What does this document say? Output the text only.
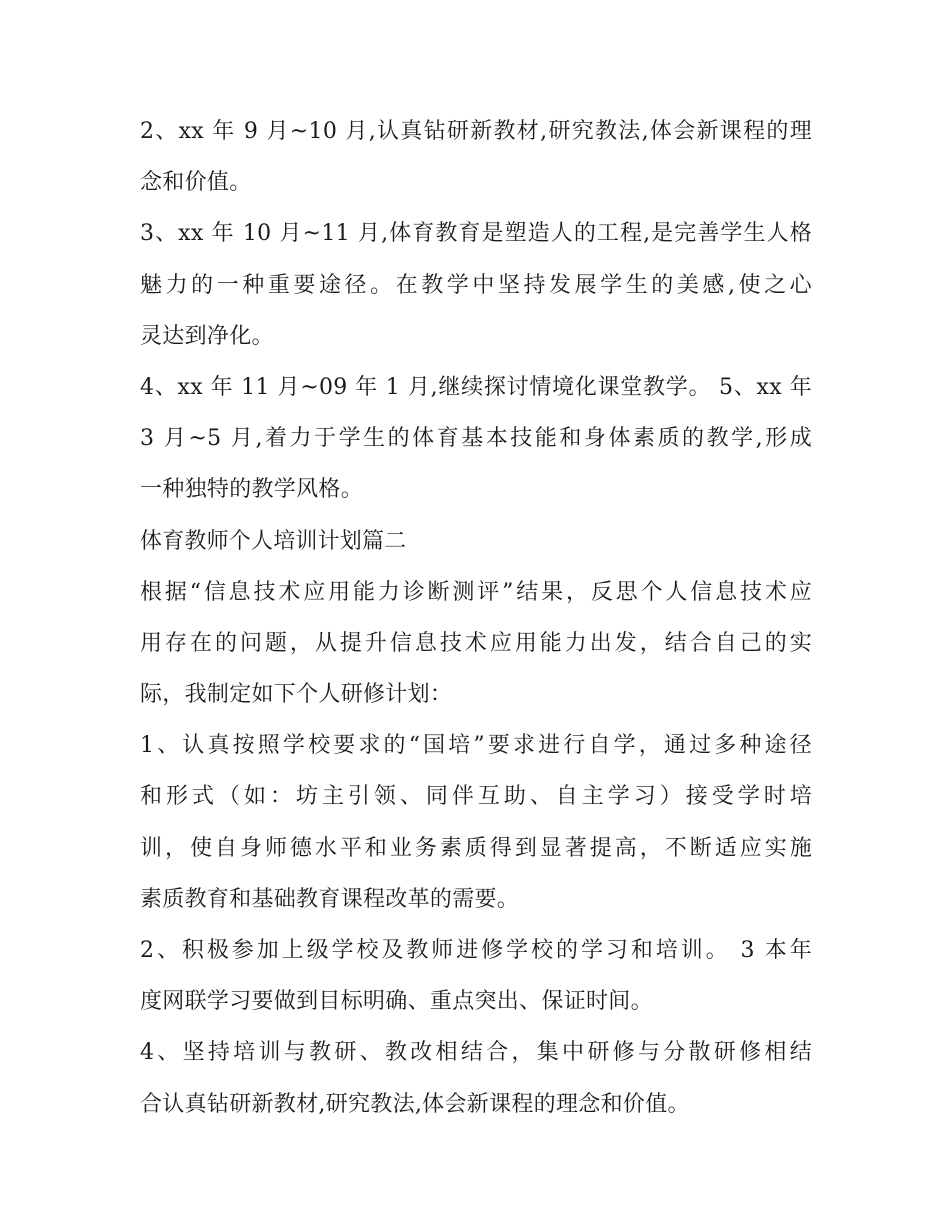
2、xx 年 9 月~10 月,认真钻研新教材,研究教法,体会新课程的理
念和价值。
3、xx 年 10 月~11 月,体育教育是塑造人的工程,是完善学生人格
魅力的一种重要途径。在教学中坚持发展学生的美感,使之心
灵达到净化。
4、xx 年 11 月~09 年 1 月,继续探讨情境化课堂教学。 5、xx 年
3 月~5 月,着力于学生的体育基本技能和身体素质的教学,形成
一种独特的教学风格。
体育教师个人培训计划篇二
根据“信息技术应用能力诊断测评”结果，反思个人信息技术应
用存在的问题，从提升信息技术应用能力出发，结合自己的实
际，我制定如下个人研修计划：
1、认真按照学校要求的“国培”要求进行自学，通过多种途径
和形式（如：坊主引领、同伴互助、自主学习）接受学时培
训，使自身师德水平和业务素质得到显著提高，不断适应实施
素质教育和基础教育课程改革的需要。
2、积极参加上级学校及教师进修学校的学习和培训。 3 本年
度网联学习要做到目标明确、重点突出、保证时间。
4、坚持培训与教研、教改相结合，集中研修与分散研修相结
合认真钻研新教材,研究教法,体会新课程的理念和价值。
